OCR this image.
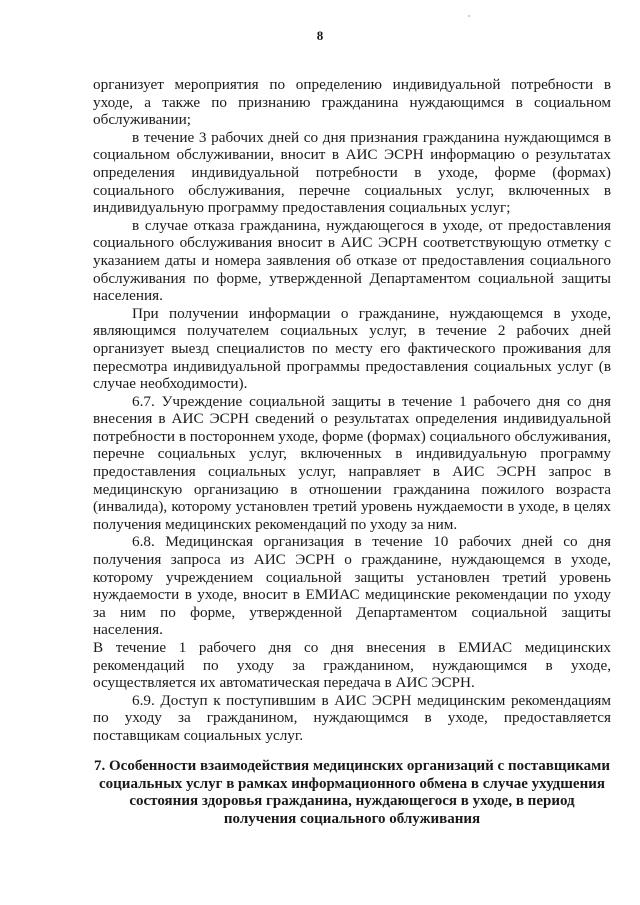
8

организует мероприятия по определению индивидуальной потребности в уходе, а также по признанию гражданина нуждающимся в социальном обслуживании;

в течение 3 рабочих дней со дня признания гражданина нуждающимся в социальном обслуживании, вносит в АИС ЭСРН информацию о результатах определения индивидуальной потребности в уходе, форме (формах) социального обслуживания, перечне социальных услуг, включенных в индивидуальную программу предоставления социальных услуг;

в случае отказа гражданина, нуждающегося в уходе, от предоставления социального обслуживания вносит в АИС ЭСРН соответствующую отметку с указанием даты и номера заявления об отказе от предоставления социального обслуживания по форме, утвержденной Департаментом социальной защиты населения.

При получении информации о гражданине, нуждающемся в уходе, являющимся получателем социальных услуг, в течение 2 рабочих дней организует выезд специалистов по месту его фактического проживания для пересмотра индивидуальной программы предоставления социальных услуг (в случае необходимости).

6.7. Учреждение социальной защиты в течение 1 рабочего дня со дня внесения в АИС ЭСРН сведений о результатах определения индивидуальной потребности в постороннем уходе, форме (формах) социального обслуживания, перечне социальных услуг, включенных в индивидуальную программу предоставления социальных услуг, направляет в АИС ЭСРН запрос в медицинскую организацию в отношении гражданина пожилого возраста (инвалида), которому установлен третий уровень нуждаемости в уходе, в целях получения медицинских рекомендаций по уходу за ним.

6.8. Медицинская организация в течение 10 рабочих дней со дня получения запроса из АИС ЭСРН о гражданине, нуждающемся в уходе, которому учреждением социальной защиты установлен третий уровень нуждаемости в уходе, вносит в ЕМИАС медицинские рекомендации по уходу за ним по форме, утвержденной Департаментом социальной защиты населения.

В течение 1 рабочего дня со дня внесения в ЕМИАС медицинских рекомендаций по уходу за гражданином, нуждающимся в уходе, осуществляется их автоматическая передача в АИС ЭСРН.

6.9. Доступ к поступившим в АИС ЭСРН медицинским рекомендациям по уходу за гражданином, нуждающимся в уходе, предоставляется поставщикам социальных услуг.

7. Особенности взаимодействия медицинских организаций с поставщиками социальных услуг в рамках информационного обмена в случае ухудшения состояния здоровья гражданина, нуждающегося в уходе, в период получения социального облуживания
